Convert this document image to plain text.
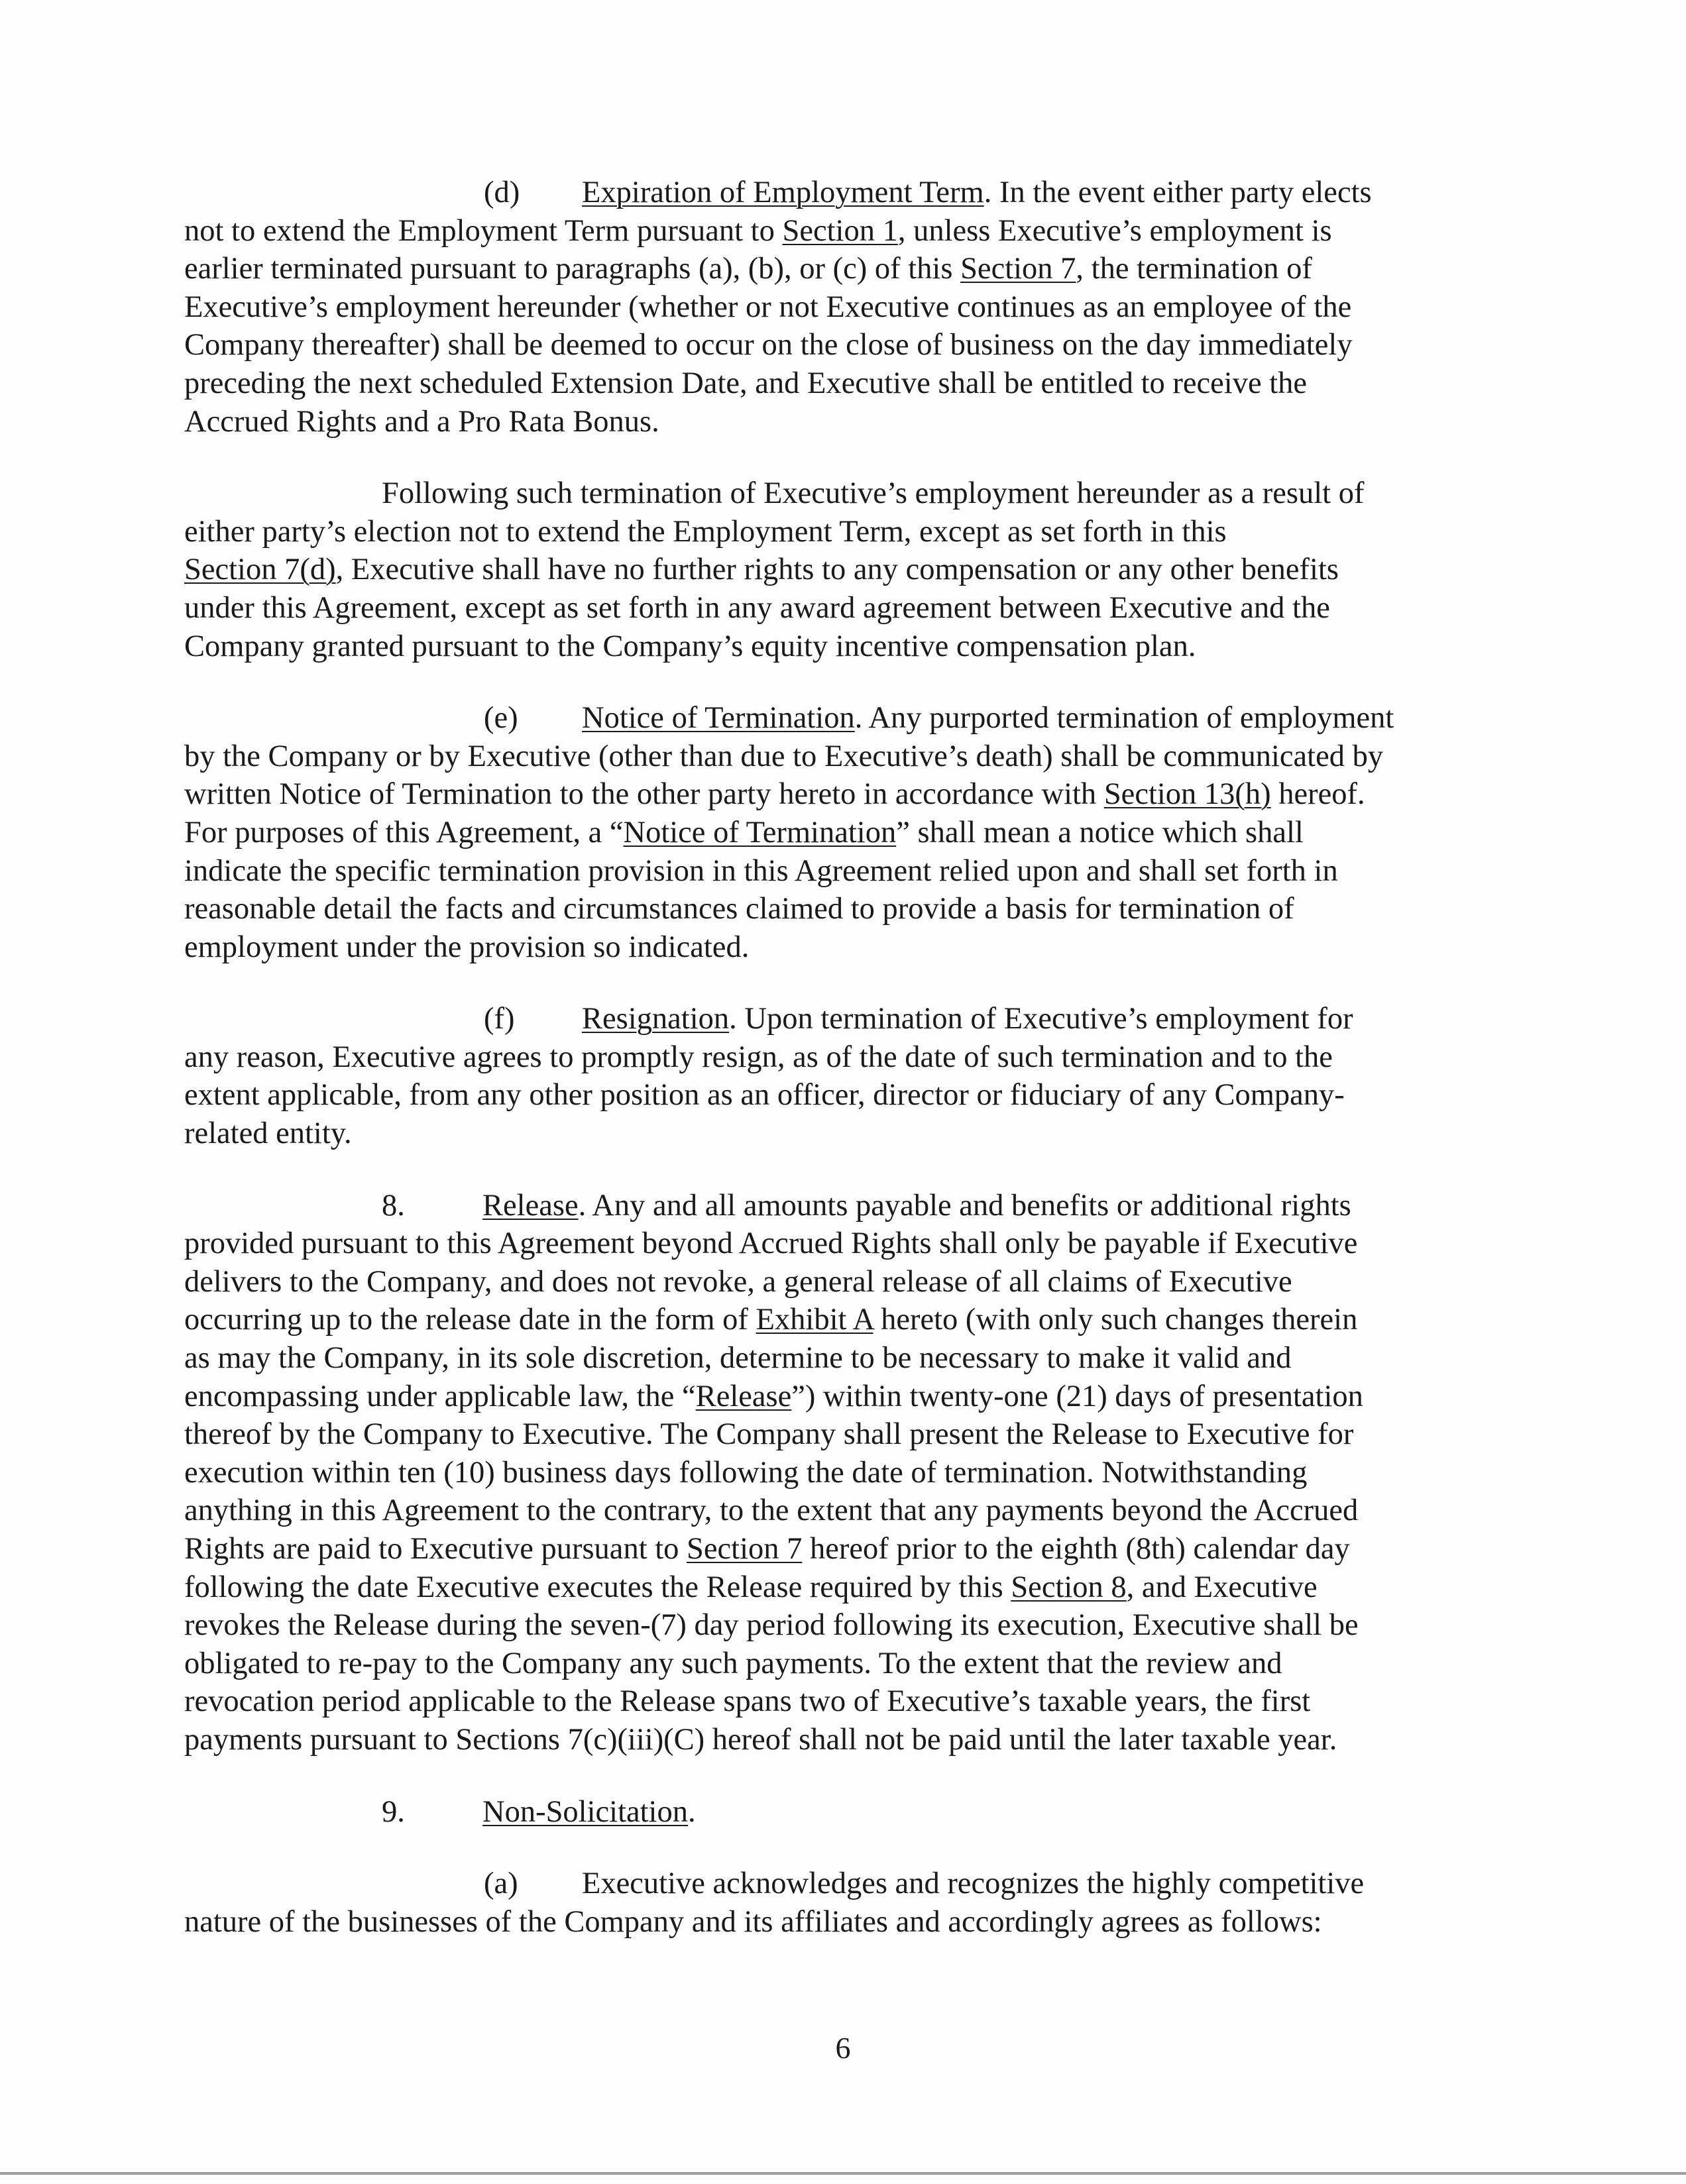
(d) Expiration of Employment Term. In the event either party elects
not to extend the Employment Term pursuant to Section 1, unless Executive’s employment is
earlier terminated pursuant to paragraphs (a), (b), or (c) of this Section 7, the termination of
Executive’s employment hereunder (whether or not Executive continues as an employee of the
Company thereafter) shall be deemed to occur on the close of business on the day immediately
preceding the next scheduled Extension Date, and Executive shall be entitled to receive the
Accrued Rights and a Pro Rata Bonus.
Following such termination of Executive’s employment hereunder as a result of
either party’s election not to extend the Employment Term, except as set forth in this
Section 7(d), Executive shall have no further rights to any compensation or any other benefits
under this Agreement, except as set forth in any award agreement between Executive and the
Company granted pursuant to the Company’s equity incentive compensation plan.
(e) Notice of Termination. Any purported termination of employment
by the Company or by Executive (other than due to Executive’s death) shall be communicated by
written Notice of Termination to the other party hereto in accordance with Section 13(h) hereof.
For purposes of this Agreement, a “Notice of Termination” shall mean a notice which shall
indicate the specific termination provision in this Agreement relied upon and shall set forth in
reasonable detail the facts and circumstances claimed to provide a basis for termination of
employment under the provision so indicated.
(f) Resignation. Upon termination of Executive’s employment for
any reason, Executive agrees to promptly resign, as of the date of such termination and to the
extent applicable, from any other position as an officer, director or fiduciary of any Company-
related entity.
8.	Release. Any and all amounts payable and benefits or additional rights
provided pursuant to this Agreement beyond Accrued Rights shall only be payable if Executive
delivers to the Company, and does not revoke, a general release of all claims of Executive
occurring up to the release date in the form of Exhibit A hereto (with only such changes therein
as may the Company, in its sole discretion, determine to be necessary to make it valid and
encompassing under applicable law, the “Release”) within twenty-one (21) days of presentation
thereof by the Company to Executive. The Company shall present the Release to Executive for
execution within ten (10) business days following the date of termination. Notwithstanding
anything in this Agreement to the contrary, to the extent that any payments beyond the Accrued
Rights are paid to Executive pursuant to Section 7 hereof prior to the eighth (8th) calendar day
following the date Executive executes the Release required by this Section 8, and Executive
revokes the Release during the seven-(7) day period following its execution, Executive shall be
obligated to re-pay to the Company any such payments. To the extent that the review and
revocation period applicable to the Release spans two of Executive’s taxable years, the first
payments pursuant to Sections 7(c)(iii)(C) hereof shall not be paid until the later taxable year.
9.	Non-Solicitation.
(a) Executive acknowledges and recognizes the highly competitive
nature of the businesses of the Company and its affiliates and accordingly agrees as follows:
6
